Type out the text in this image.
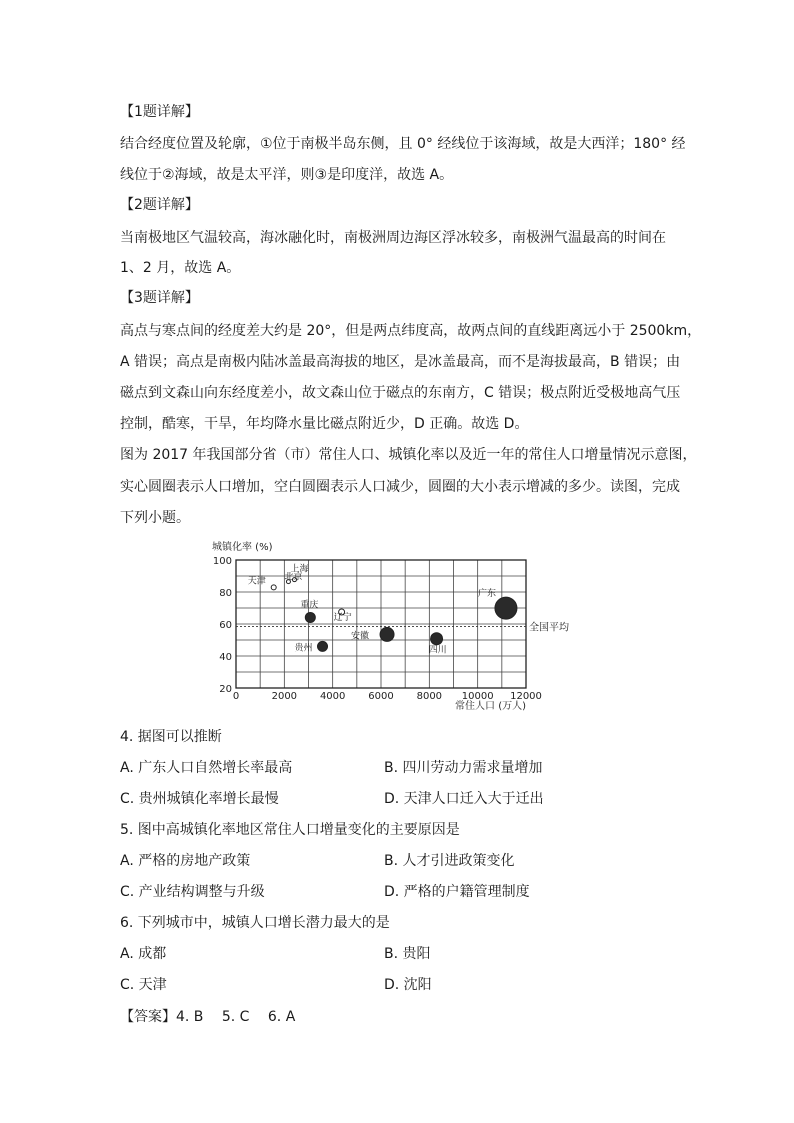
【1题详解】
结合经度位置及轮廓，①位于南极半岛东侧，且 0° 经线位于该海域，故是大西洋；180° 经
线位于②海域，故是太平洋，则③是印度洋，故选 A。
【2题详解】
当南极地区气温较高，海冰融化时，南极洲周边海区浮冰较多，南极洲气温最高的时间在
1、2 月，故选 A。
【3题详解】
高点与寒点间的经度差大约是 20°，但是两点纬度高，故两点间的直线距离远小于 2500km，
A 错误；高点是南极内陆冰盖最高海拔的地区，是冰盖最高，而不是海拔最高，B 错误；由
磁点到文森山向东经度差小，故文森山位于磁点的东南方，C 错误；极点附近受极地高气压
控制，酷寒，干旱，年均降水量比磁点附近少，D 正确。故选 D。
图为 2017 年我国部分省（市）常住人口、城镇化率以及近一年的常住人口增量情况示意图，
实心圆圈表示人口增加，空白圆圈表示人口减少，圆圈的大小表示增减的多少。读图，完成
下列小题。
全国平均
20
40
60
80
100
0	2000 4000 6000 8000 10000 12000
城镇化率 (%)
常住人口 (万人)
上海
北京
天津
广东
辽宁
重庆
安徽
四川
贵州
4. 据图可以推断
A. 广东人口自然增长率最高	B. 四川劳动力需求量增加
C. 贵州城镇化率增长最慢	D. 天津人口迁入大于迁出
5. 图中高城镇化率地区常住人口增量变化的主要原因是
A. 严格的房地产政策	B. 人才引进政策变化
C. 产业结构调整与升级	D. 严格的户籍管理制度
6. 下列城市中，城镇人口增长潜力最大的是
A. 成都	B. 贵阳
C. 天津	D. 沈阳
【答案】4. B　 5. C　 6. A
